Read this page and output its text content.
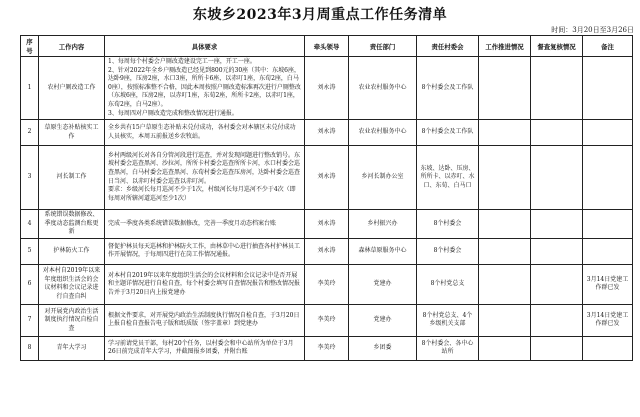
东坡乡2023年3月周重点工作任务清单
时间：3月20日至3月26日
序号	工作内容	具体要求	牵头领导	责任部门	责任村委会	工作推进情况	督查复核情况	备注
1	农村户厕改造工作	1、每周每个村委会户厕改造建设完工一座，开工一座。
2、针对2022年全乡户厕改造已经见到800元的30座（其中：东坡6座，达卧9座，压房2座，水口3座，所所卡6座，以赤叮1座，东荀2座，白马0座），按照标准整不合格，因此本周按照户厕改造标准再次进行户厕整改（东坡6座，压房2座，以赤叮1座，东荀2座，所所卡2座，以赤叮1座，东荀2座，白马2座）。
3、每周四对户厕改造完成和整改情况进行通报。	刘永涛	农业农村服务中心	8个村委会及工作队			
2	草原生态补贴核实工作	全乡共有15户草原生态补贴未兑付成功，各村委会对本辖区未兑付成功人员核实，本周五前报送乡农牧站。	刘永涛	农业农村服务中心	8个村委会及工作队			
3	河长制工作	乡村两级河长对各自分管河段进行巡查，并对发现问题进行整改销号。东坡村委会巡查黑河、沙拉河，所所卡村委会巡查所所卡河，水口村委会巡查黑河，白马村委会巡查黑河、东荀村委会巡查压房河，达卧村委会巡查日当河、以赤叮村委会巡查以赤叮河。
要求：乡级河长每月巡河不少于1次，村级河长每月巡河不少于4次（即每周对所辖河道巡河至少1次）	刘永涛	乡河长制办公室	东坡、达卧、压房、所所卡、以赤叮、水口、东荀、白马口			
4	系统错误数据修改、季度动态监测台账更新	完成一季度各类系统错误数据修改，完善一季度月动态档案台账	刘永涛	乡村振兴办	8个村委会			
5	护林防火工作	督促护林员每天巡林和护林防火工作，由林草中心进行抽查各村护林员工作开展情况，于每周四进行在岗工作情况通报。	刘永涛	森林草原服务中心	8个村委会			
6	对本村自2019年以来年度组织生活会的会议材料和会议记录进行自查自纠	对本村自2019年以来年度组织生活会的会议材料和会议记录中是否开展和主题详情况进行自检自查，每个村委会填写自查情况报告和整改情况报告并于3月20日内上报党建办	李美玲	党建办	8个村党总支			3月14日党建工作群已发
7	对开展党内政治生活制度执行情况自检自查	根据文件要求，对开展党内政治生活制度执行情况自检自查，于3月20日上报自检自查报告电子版和纸质版（签字盖章）到党建办	李美玲	党建办	8个村党总支、4个乡级机关支部			3月14日党建工作群已发
8	青年大学习	学习前请党员干部，每村20个任务，以村委会和中心站所为单位于3月26日前完成青年大学习，并截图报乡团委，并附台账	李美玲	乡团委	8个村委会、各中心站所			
